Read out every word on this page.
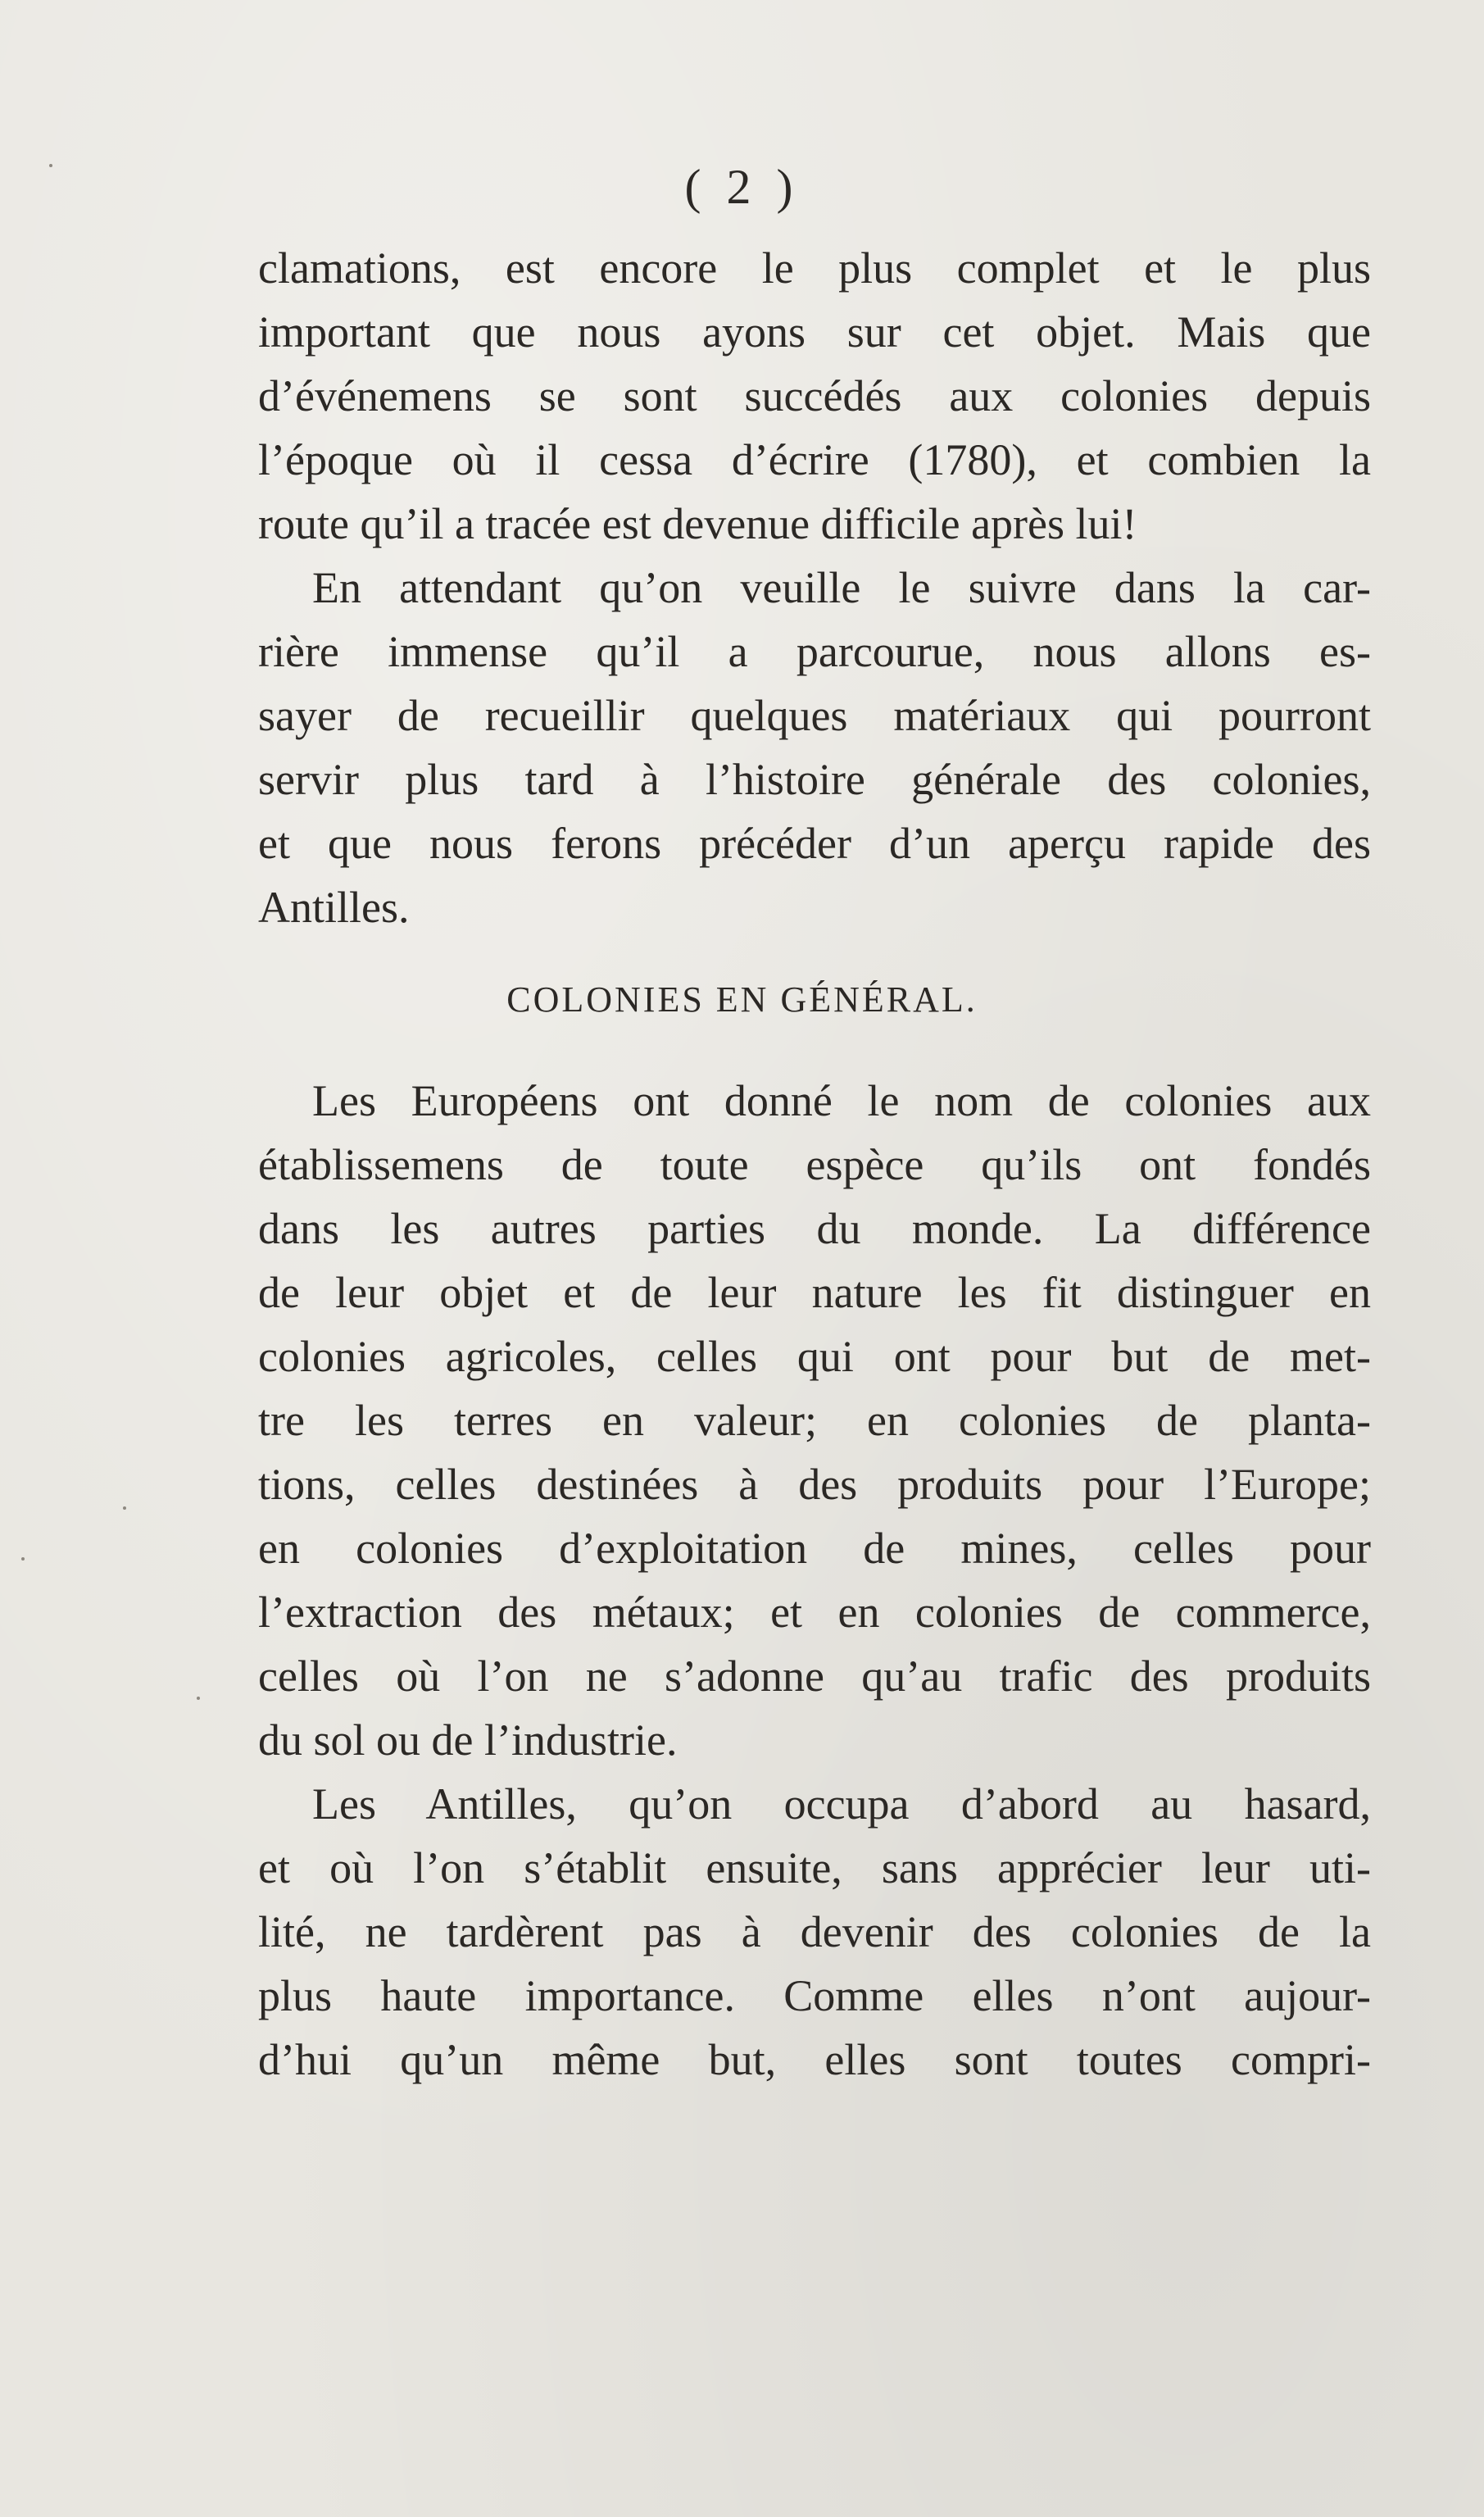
( 2 )
clamations, est encore le plus complet et le plus
important que nous ayons sur cet objet. Mais que
d’événemens se sont succédés aux colonies depuis
l’époque où il cessa d’écrire (1780), et combien la
route qu’il a tracée est devenue difficile après lui!
En attendant qu’on veuille le suivre dans la car-
rière immense qu’il a parcourue, nous allons es-
sayer de recueillir quelques matériaux qui pourront
servir plus tard à l’histoire générale des colonies,
et que nous ferons précéder d’un aperçu rapide des
Antilles.
COLONIES EN GÉNÉRAL.
Les Européens ont donné le nom de colonies aux
établissemens de toute espèce qu’ils ont fondés
dans les autres parties du monde. La différence
de leur objet et de leur nature les fit distinguer en
colonies agricoles, celles qui ont pour but de met-
tre les terres en valeur; en colonies de planta-
tions, celles destinées à des produits pour l’Europe;
en colonies d’exploitation de mines, celles pour
l’extraction des métaux; et en colonies de commerce,
celles où l’on ne s’adonne qu’au trafic des produits
du sol ou de l’industrie.
Les Antilles, qu’on occupa d’abord au hasard,
et où l’on s’établit ensuite, sans apprécier leur uti-
lité, ne tardèrent pas à devenir des colonies de la
plus haute importance. Comme elles n’ont aujour-
d’hui qu’un même but, elles sont toutes compri-
